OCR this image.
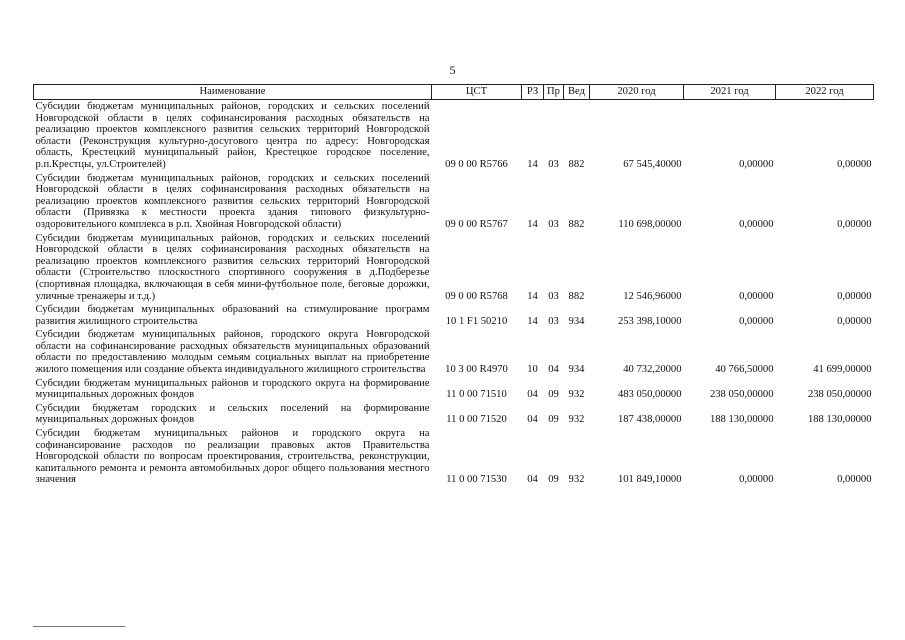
5
Наименование	ЦСТ	РЗ	Пр	Вед	2020 год	2021 год	2022 год
Субсидии бюджетам муниципальных районов, городских и сельских поселений Новгородской области в целях софинансирования расходных обязательств на реализацию проектов комплексного развития сельских территорий Новгородской области (Реконструкция культурно-досугового центра по адресу: Новгородская область, Крестецкий муниципальный район, Крестецкое городское поселение, р.п.Крестцы, ул.Строителей)	09 0 00 R5766	14	03	882	67 545,40000	0,00000	0,00000
Субсидии бюджетам муниципальных районов, городских и сельских поселений Новгородской области в целях софинансирования расходных обязательств на реализацию проектов комплексного развития сельских территорий Новгородской области (Привязка к местности проекта здания типового физкультурно-оздоровительного комплекса в р.п. Хвойная Новгородской области)	09 0 00 R5767	14	03	882	110 698,00000	0,00000	0,00000
Субсидии бюджетам муниципальных районов, городских и сельских поселений Новгородской области в целях софинансирования расходных обязательств на реализацию проектов комплексного развития сельских территорий Новгородской области (Строительство плоскостного спортивного сооружения в д.Подберезье (спортивная площадка, включающая в себя мини-футбольное поле, беговые дорожки, уличные тренажеры и т.д.)	09 0 00 R5768	14	03	882	12 546,96000	0,00000	0,00000
Субсидии бюджетам муниципальных образований на стимулирование программ развития жилищного строительства	10 1 F1 50210	14	03	934	253 398,10000	0,00000	0,00000
Субсидии бюджетам муниципальных районов, городского округа Новгородской области на софинансирование расходных обязательств муниципальных образований области по предоставлению молодым семьям социальных выплат на приобретение жилого помещения или создание объекта индивидуального жилищного строительства	10 3 00 R4970	10	04	934	40 732,20000	40 766,50000	41 699,00000
Субсидии бюджетам муниципальных районов и городского округа на формирование муниципальных дорожных фондов	11 0 00 71510	04	09	932	483 050,00000	238 050,00000	238 050,00000
Субсидии бюджетам городских и сельских поселений на формирование муниципальных дорожных фондов	11 0 00 71520	04	09	932	187 438,00000	188 130,00000	188 130,00000
Субсидии бюджетам муниципальных районов и городского округа на софинансирование расходов по реализации правовых актов Правительства Новгородской области по вопросам проектирования, строительства, реконструкции, капитального ремонта и ремонта автомобильных дорог общего пользования местного значения	11 0 00 71530	04	09	932	101 849,10000	0,00000	0,00000
